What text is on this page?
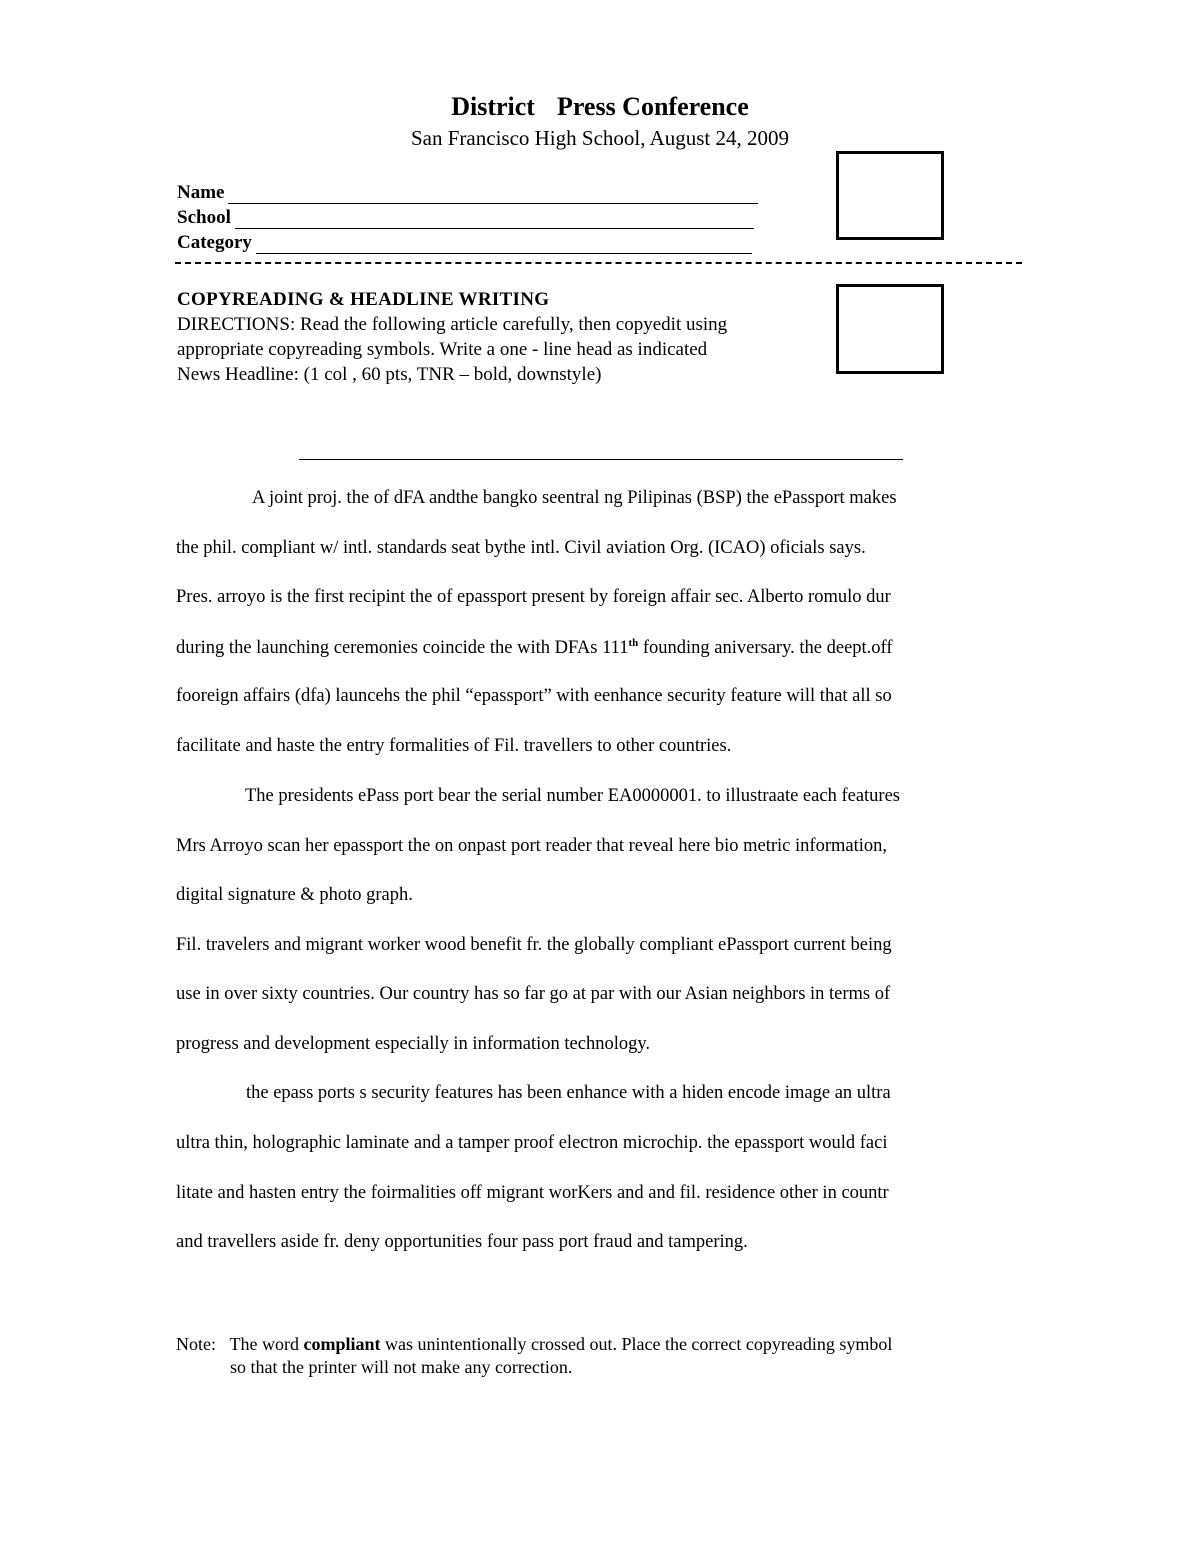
District Press Conference
San Francisco High School, August 24, 2009
Name
School
Category
COPYREADING & HEADLINE WRITING
DIRECTIONS: Read the following article carefully, then copyedit using
appropriate copyreading symbols. Write a one - line head as indicated
News Headline: (1 col , 60 pts, TNR – bold, downstyle)
A joint proj. the of dFA andthe bangko seentral ng Pilipinas (BSP) the ePassport makes
the phil. compliant w/ intl. standards seat bythe intl. Civil aviation Org. (ICAO) oficials says.
Pres. arroyo is the first recipint the of epassport present by foreign affair sec. Alberto romulo dur
during the launching ceremonies coincide the with DFAs 111th founding aniversary. the deept.off
fooreign affairs (dfa) launcehs the phil “epassport” with eenhance security feature will that all so
facilitate and haste the entry formalities of Fil. travellers to other countries.
The presidents ePass port bear the serial number EA0000001. to illustraate each features
Mrs Arroyo scan her epassport the on onpast port reader that reveal here bio metric information,
digital signature & photo graph.
Fil. travelers and migrant worker wood benefit fr. the globally compliant ePassport current being
use in over sixty countries. Our country has so far go at par with our Asian neighbors in terms of
progress and development especially in information technology.
the epass ports s security features has been enhance with a hiden encode image an ultra
ultra thin, holographic laminate and a tamper proof electron microchip. the epassport would faci
litate and hasten entry the foirmalities off migrant worKers and and fil. residence other in countr
and travellers aside fr. deny opportunities four pass port fraud and tampering.
Note: The word compliant was unintentionally crossed out. Place the correct copyreading symbol
so that the printer will not make any correction.
